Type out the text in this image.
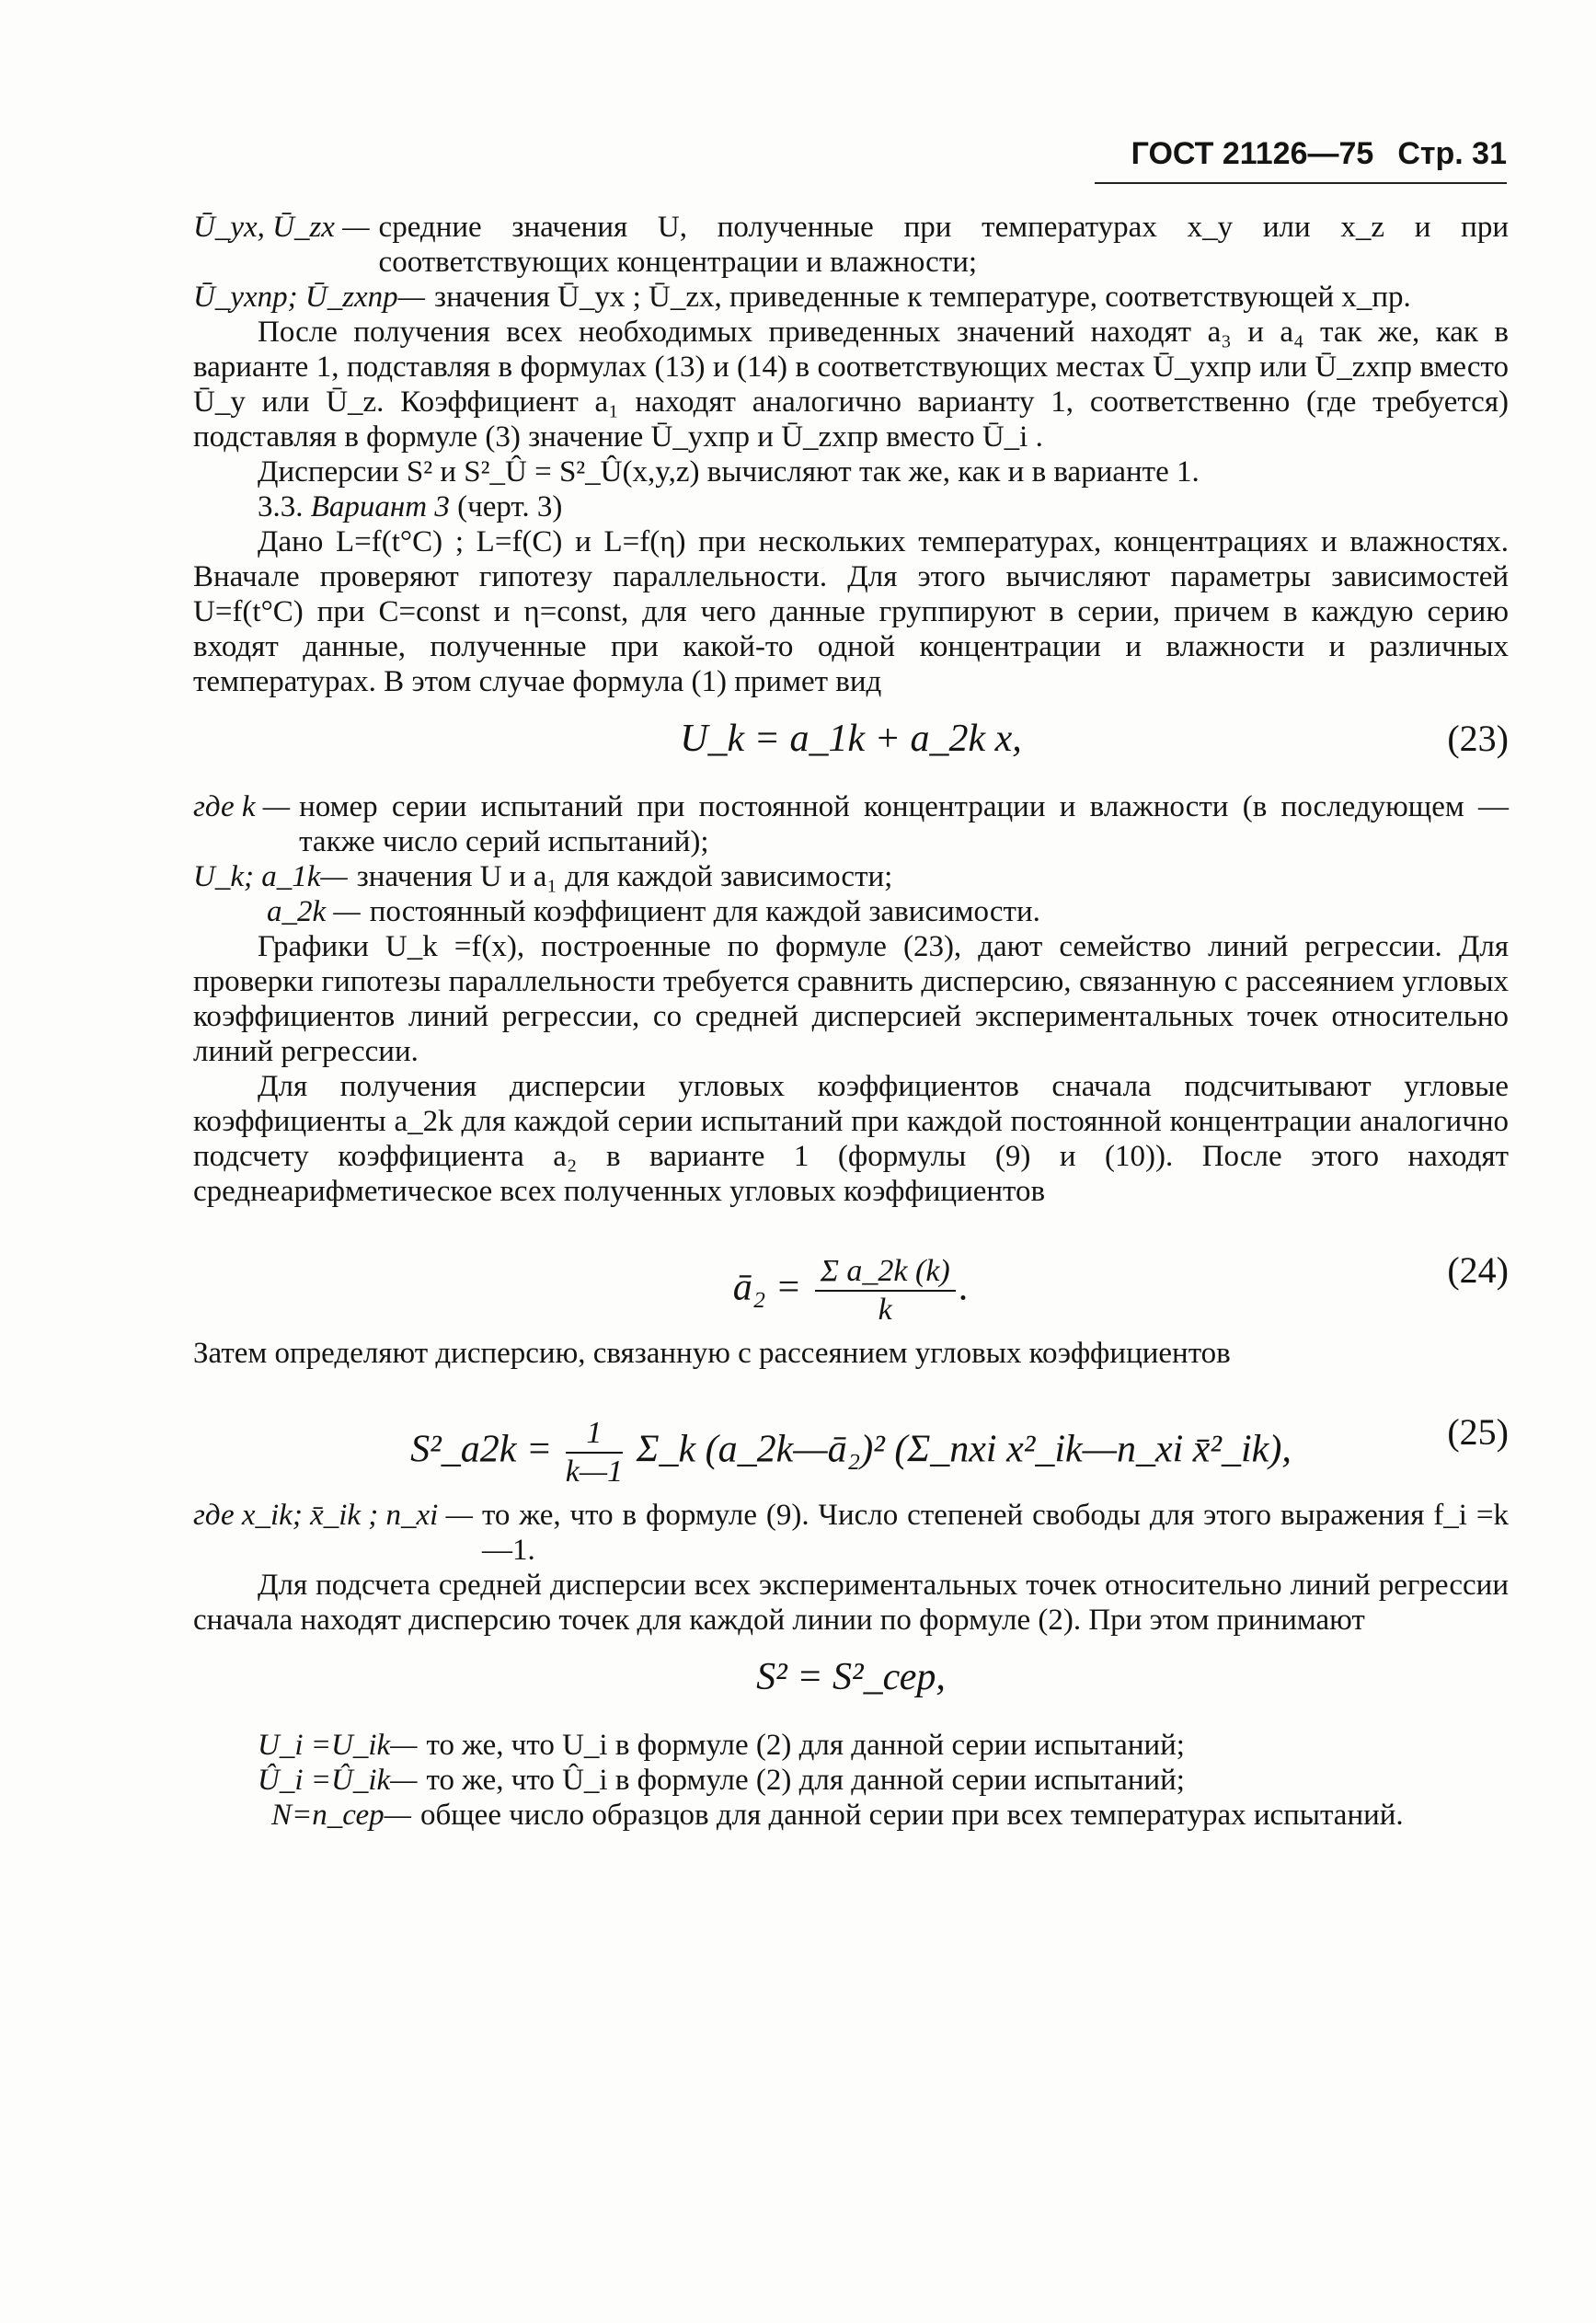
ГОСТ 21126—75 Стр. 31
Ū_yx, Ū_zx — средние значения U, полученные при температурах x_y или x_z и при соответствующих концентрации и влажности;
Ū_yxпр; Ū_zxпр— значения Ū_yx ; Ū_zx, приведенные к температуре, соответствующей x_пр.

После получения всех необходимых приведенных значений находят a₃ и a₄ так же, как в варианте 1, подставляя в формулах (13) и (14) в соответствующих местах Ū_yxпр или Ū_zxпр вместо Ū_y или Ū_z. Коэффициент a₁ находят аналогично варианту 1, соответственно (где требуется) подставляя в формуле (3) значение Ū_yxпр и Ū_zxпр вместо Ū_i .

Дисперсии S² и S²_Û = S²_Û(x,y,z) вычисляют так же, как и в варианте 1.

3.3. Вариант 3 (черт. 3)

Дано L=f(t°C) ; L=f(C) и L=f(η) при нескольких температурах, концентрациях и влажностях. Вначале проверяют гипотезу параллельности. Для этого вычисляют параметры зависимостей U=f(t°C) при C=const и η=const, для чего данные группируют в серии, причем в каждую серию входят данные, полученные при какой-то одной концентрации и влажности и различных температурах. В этом случае формула (1) примет вид

U_k = a_1k + a_2k x,	(23)
где k — номер серии испытаний при постоянной концентрации и влажности (в последующем — также число серий испытаний);
U_k; a_1k— значения U и a₁ для каждой зависимости;
a_2k — постоянный коэффициент для каждой зависимости.

Графики U_k =f(x), построенные по формуле (23), дают семейство линий регрессии. Для проверки гипотезы параллельности требуется сравнить дисперсию, связанную с рассеянием угловых коэффициентов линий регрессии, со средней дисперсией экспериментальных точек относительно линий регрессии.

Для получения дисперсии угловых коэффициентов сначала подсчитывают угловые коэффициенты a_2k для каждой серии испытаний при каждой постоянной концентрации аналогично подсчету коэффициента a₂ в варианте 1 (формулы (9) и (10)). После этого находят среднеарифметическое всех полученных угловых коэффициентов

ā₂ = $\frac{\text{Σ a\_2k (k)}}{k}$ .	(24)

Затем определяют дисперсию, связанную с рассеянием угловых коэффициентов

S²_a2k = $\frac{1}{k—1}$ Σ_k (a_2k—ā₂)² (Σ_nxi x²_ik—n_xi x̄²_ik),	(25)
где x_ik; x̄_ik ; n_xi — то же, что в формуле (9). Число степеней свободы для этого выражения f_i =k—1.

Для подсчета средней дисперсии всех экспериментальных точек относительно линий регрессии сначала находят дисперсию точек для каждой линии по формуле (2). При этом принимают

S² = S²_сер,
U_i =U_ik— то же, что U_i в формуле (2) для данной серии испытаний;
Û_i =Û_ik— то же, что Û_i в формуле (2) для данной серии испытаний;
N=n_сер— общее число образцов для данной серии при всех температурах испытаний.
